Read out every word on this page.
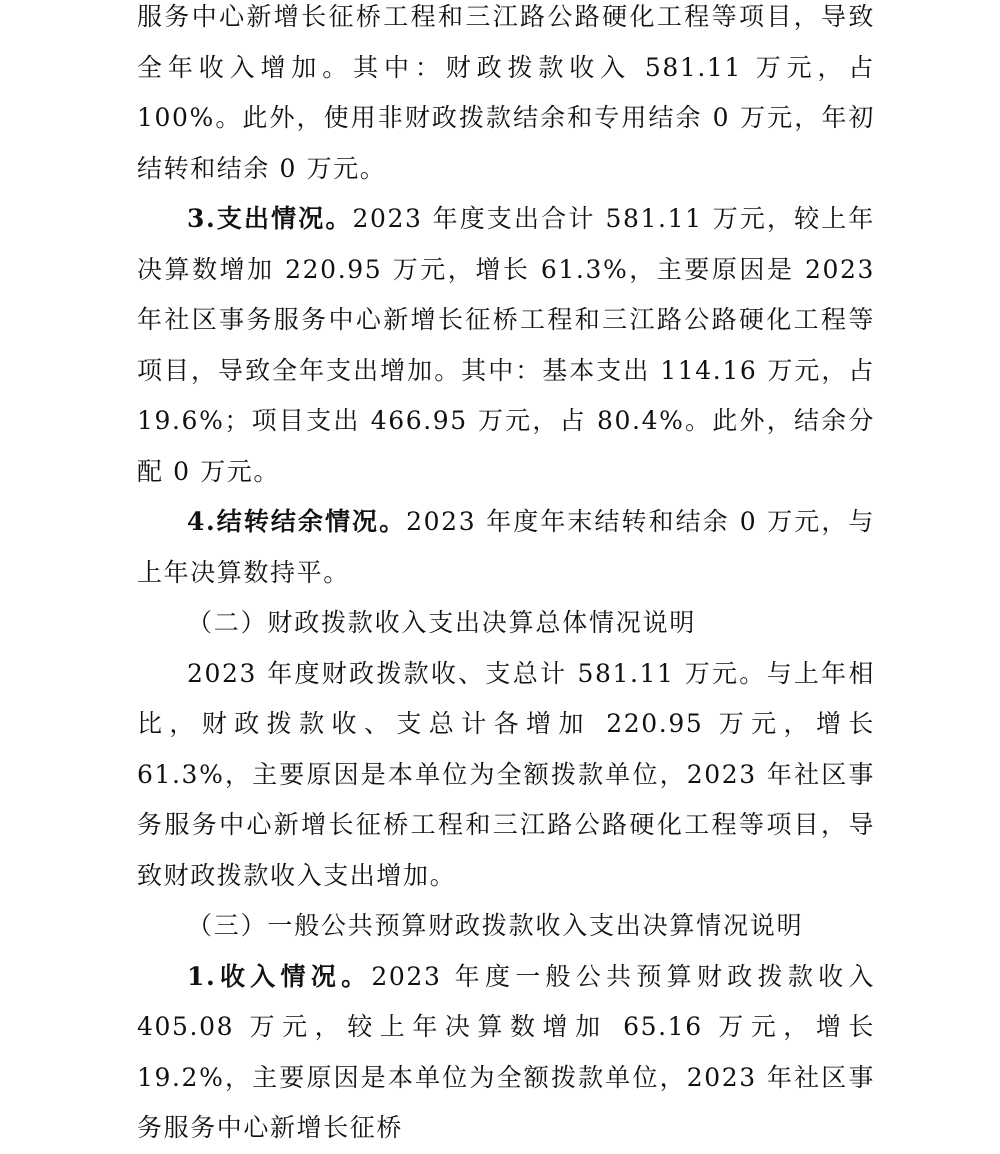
服务中心新增长征桥工程和三江路公路硬化工程等项目，导致全年收入增加。其中：财政拨款收入 581.11 万元，占 100%。此外，使用非财政拨款结余和专用结余 0 万元，年初结转和结余 0 万元。

3.支出情况。2023 年度支出合计 581.11 万元，较上年决算数增加 220.95 万元，增长 61.3%，主要原因是 2023 年社区事务服务中心新增长征桥工程和三江路公路硬化工程等项目，导致全年支出增加。其中：基本支出 114.16 万元，占 19.6%；项目支出 466.95 万元，占 80.4%。此外，结余分配 0 万元。

4.结转结余情况。2023 年度年末结转和结余 0 万元，与上年决算数持平。

（二）财政拨款收入支出决算总体情况说明

2023 年度财政拨款收、支总计 581.11 万元。与上年相比，财政拨款收、支总计各增加 220.95 万元，增长 61.3%，主要原因是本单位为全额拨款单位，2023 年社区事务服务中心新增长征桥工程和三江路公路硬化工程等项目，导致财政拨款收入支出增加。

（三）一般公共预算财政拨款收入支出决算情况说明

1.收入情况。2023 年度一般公共预算财政拨款收入 405.08 万元，较上年决算数增加 65.16 万元，增长 19.2%，主要原因是本单位为全额拨款单位，2023 年社区事务服务中心新增长征桥
